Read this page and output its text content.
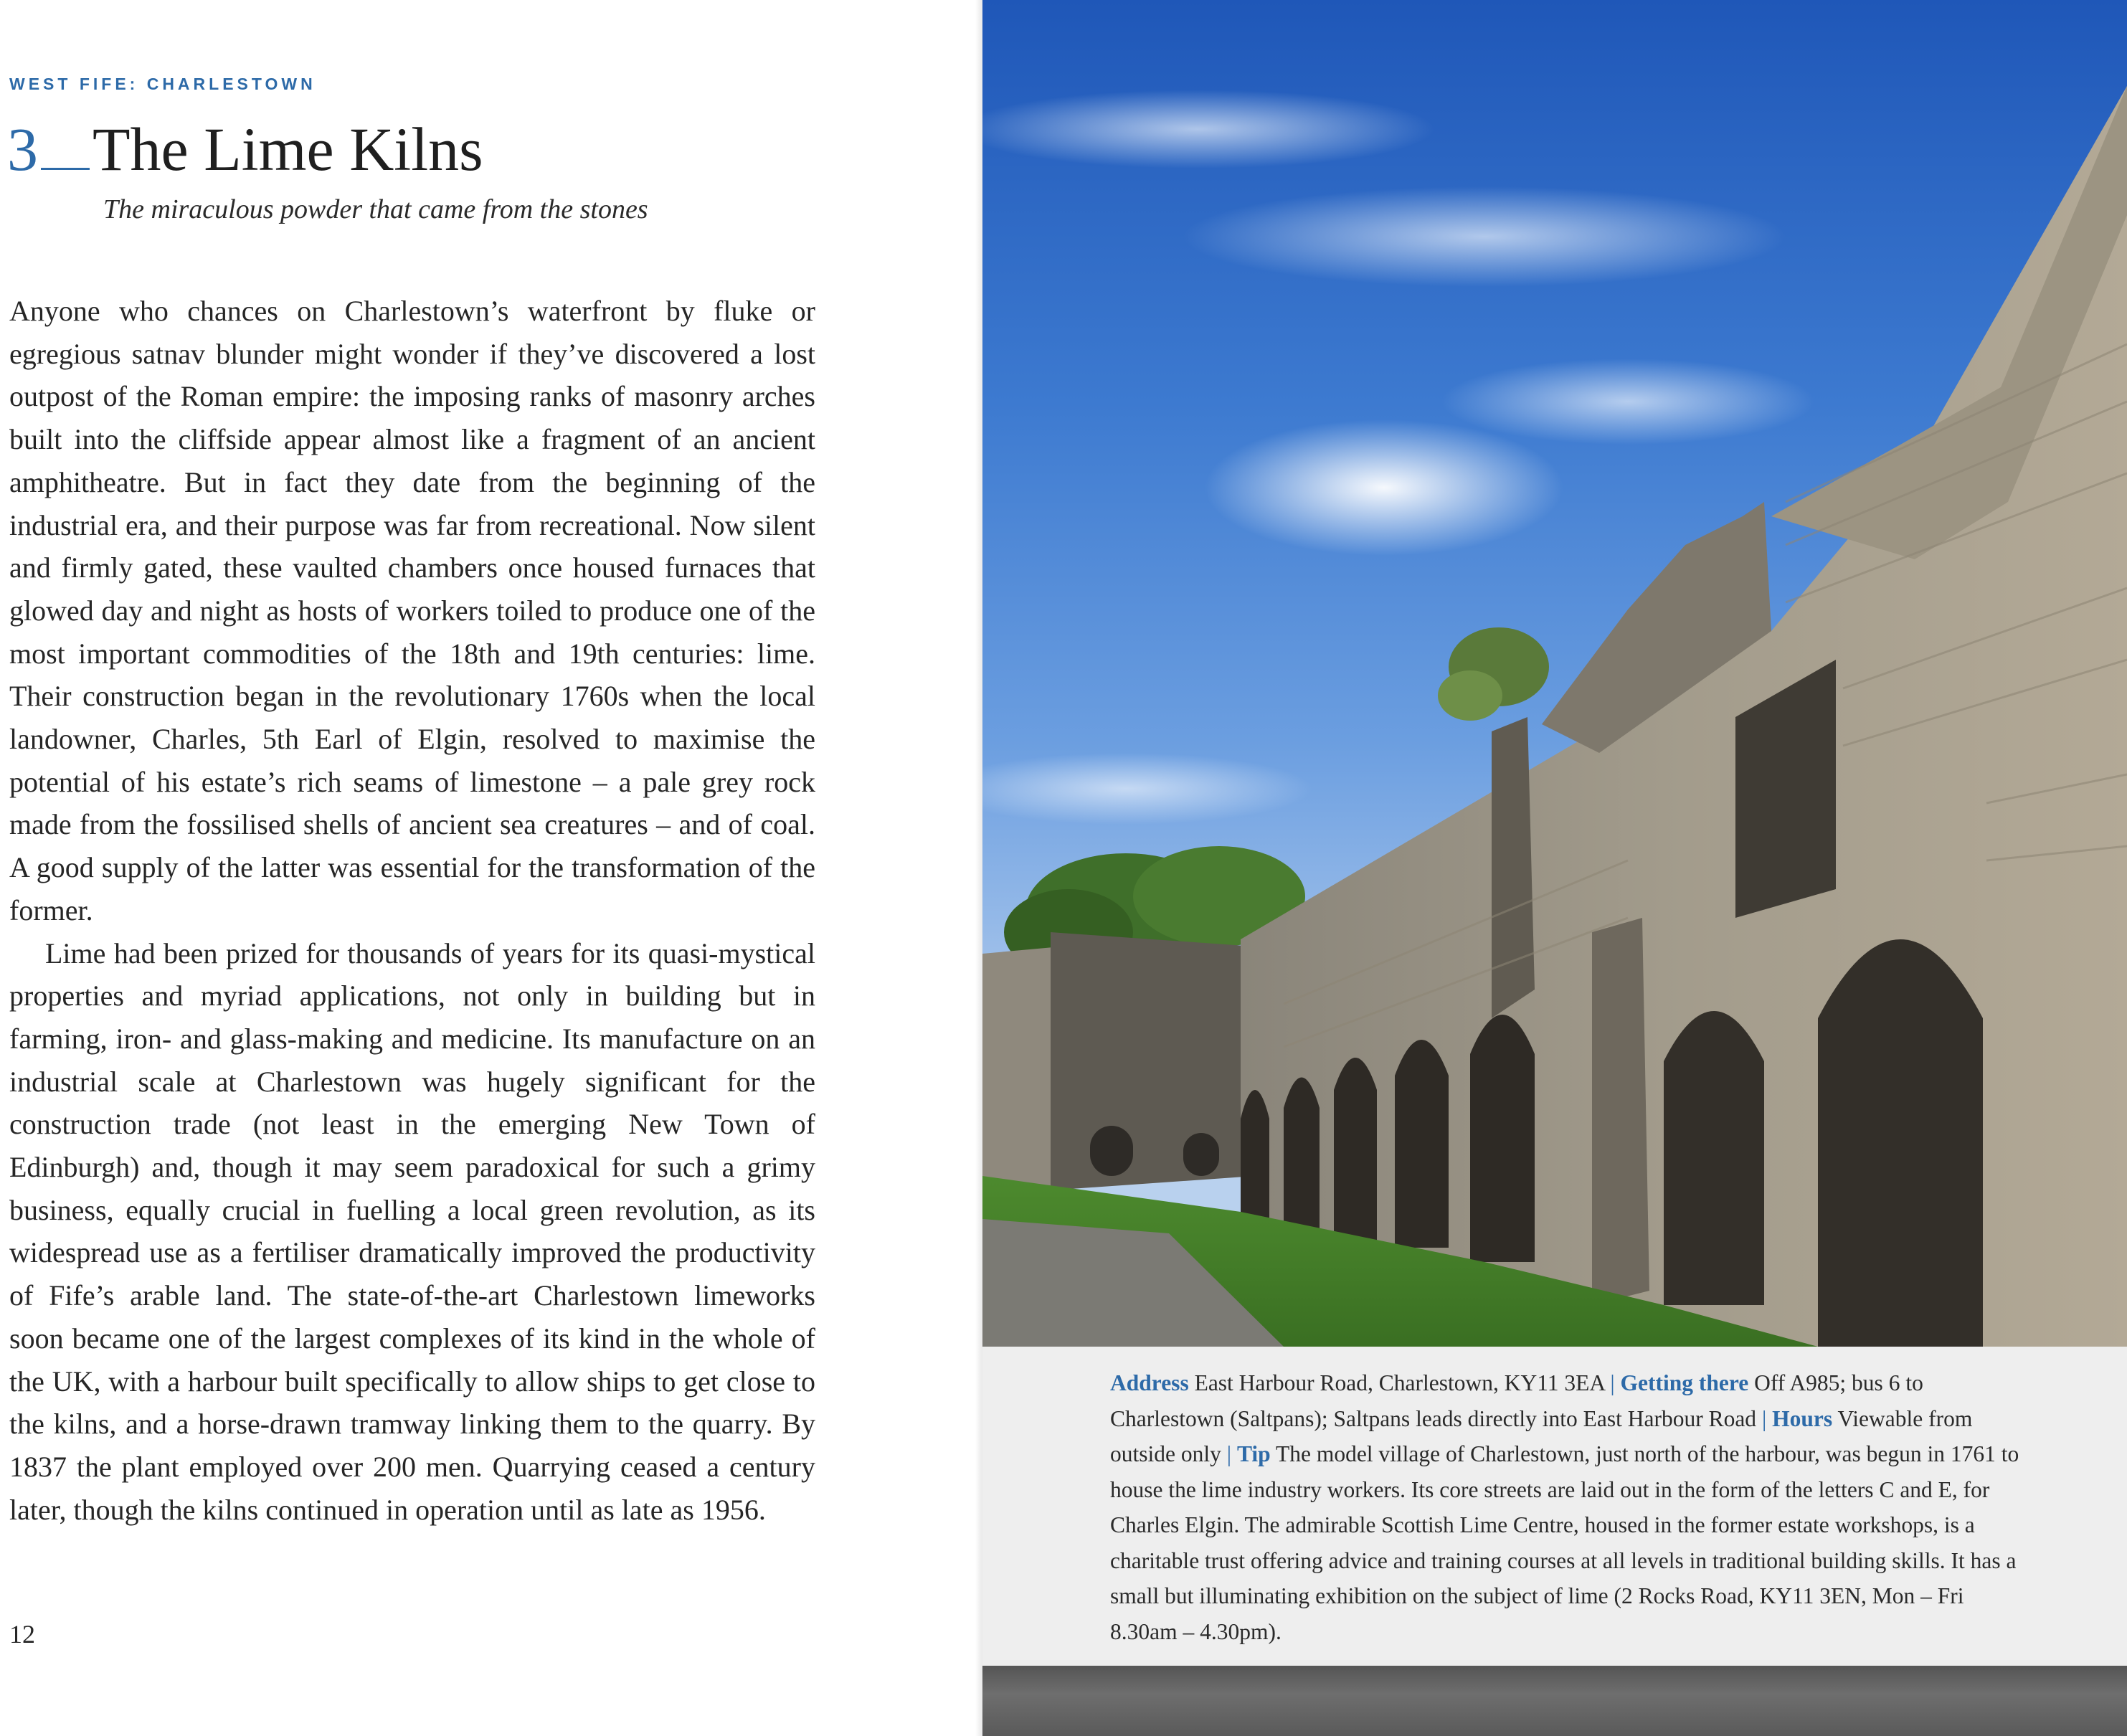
WEST FIFE: CHARLESTOWN
3 The Lime Kilns
The miraculous powder that came from the stones

Anyone who chances on Charlestown’s waterfront by fluke or egregious satnav blunder might wonder if they’ve discovered a lost outpost of the Roman empire: the imposing ranks of masonry arches built into the cliffside appear almost like a fragment of an ancient amphitheatre. But in fact they date from the beginning of the industrial era, and their purpose was far from recreational. Now silent and firmly gated, these vaulted chambers once housed furnaces that glowed day and night as hosts of workers toiled to produce one of the most important commodities of the 18th and 19th centuries: lime. Their construction began in the revolutionary 1760s when the local landowner, Charles, 5th Earl of Elgin, resolved to maximise the potential of his estate’s rich seams of limestone – a pale grey rock made from the fossilised shells of ancient sea creatures – and of coal. A good supply of the latter was essential for the transformation of the former.

Lime had been prized for thousands of years for its quasi-mystical properties and myriad applications, not only in building but in farming, iron- and glass-making and medicine. Its manufacture on an industrial scale at Charlestown was hugely significant for the construction trade (not least in the emerging New Town of Edinburgh) and, though it may seem paradoxical for such a grimy business, equally crucial in fuelling a local green revolution, as its widespread use as a fertiliser dramatically improved the productivity of Fife’s arable land. The state-of-the-art Charlestown limeworks soon became one of the largest complexes of its kind in the whole of the UK, with a harbour built specifically to allow ships to get close to the kilns, and a horse-drawn tramway linking them to the quarry. By 1837 the plant employed over 200 men. Quarrying ceased a century later, though the kilns continued in operation until as late as 1956.

12
Address East Harbour Road, Charlestown, KY11 3EA | Getting there Off A985; bus 6 to Charlestown (Saltpans); Saltpans leads directly into East Harbour Road | Hours Viewable from outside only | Tip The model village of Charlestown, just north of the harbour, was begun in 1761 to house the lime industry workers. Its core streets are laid out in the form of the letters C and E, for Charles Elgin. The admirable Scottish Lime Centre, housed in the former estate workshops, is a charitable trust offering advice and training courses at all levels in traditional building skills. It has a small but illuminating exhibition on the subject of lime (2 Rocks Road, KY11 3EN, Mon – Fri 8.30am – 4.30pm).
